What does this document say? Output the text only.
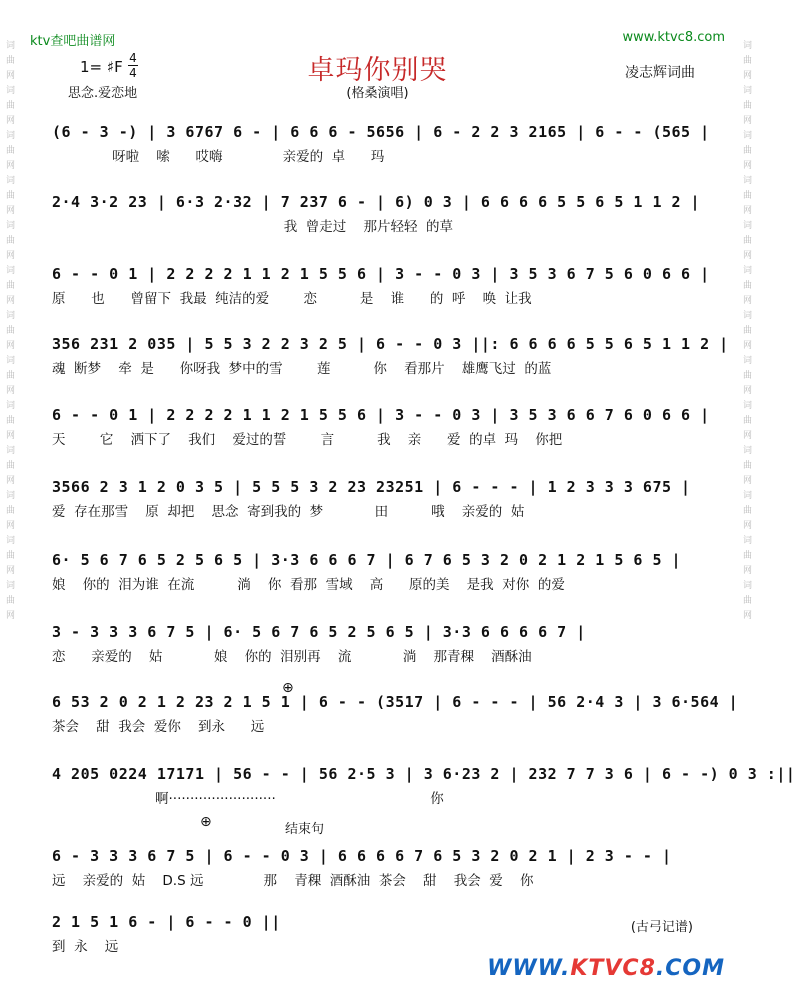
词曲网词曲网词曲网词曲网词曲网词曲网词曲网词曲网词曲网词曲网词曲网词曲网词曲网	词曲网词曲网词曲网词曲网词曲网词曲网词曲网词曲网词曲网词曲网词曲网词曲网词曲网
ktv查吧曲谱网	www.ktvc8.com
卓玛你别哭
(格桑演唱)
1= ♯F 4
4	凌志辉词曲
思念.爱恋地
(6 - 3 -) | 3 6767 6 - | 6 6 6 - 5656 | 6 - 2 2 3 2165 | 6 - - (565 |
呀啦    嗦      哎嗨              亲爱的  卓      玛
2·4 3·2 23 | 6·3 2·32 | 7 237 6 - | 6) 0 3 | 6 6 6 6 5 5 6 5 1 1 2 |
我  曾走过    那片轻轻  的草
6 - - 0 1 | 2 2 2 2 1 1 2 1 5 5 6 | 3 - - 0 3 | 3 5 3 6 7 5 6 0 6 6 |
原      也      曾留下  我最  纯洁的爱        恋          是    谁      的  呼    唤  让我
356 231 2 035 | 5 5 3 2 2 3 2 5 | 6 - - 0 3 ||: 6 6 6 6 5 5 6 5 1 1 2 |
魂  断梦    牵  是      你呀我  梦中的雪        莲          你    看那片    雄鹰飞过  的蓝
6 - - 0 1 | 2 2 2 2 1 1 2 1 5 5 6 | 3 - - 0 3 | 3 5 3 6 6 7 6 0 6 6 |
天        它    洒下了    我们    爱过的誓        言          我    亲      爱  的卓  玛    你把
3566 2 3 1 2 0 3 5 | 5 5 5 3 2 23 23251 | 6 - - - | 1 2 3 3 3 675 |
爱  存在那雪    原  却把    思念  寄到我的  梦            田          哦    亲爱的  姑
6· 5 6 7 6 5 2 5 6 5 | 3·3 6 6 6 7 | 6 7 6 5 3 2 0 2 1 2 1 5 6 5 |
娘    你的  泪为谁  在流          淌    你  看那  雪域    高      原的美    是我  对你  的爱
3 - 3 3 3 6 7 5 | 6· 5 6 7 6 5 2 5 6 5 | 3·3 6 6 6 6 7 |
恋      亲爱的    姑            娘    你的  泪别再    流            淌    那青稞    酒酥油
6 53 2 0 2 1 2 23 2 1 5 1 | 6 - - (3517 | 6 - - - | 56 2·4 3 | 3 6·564 |
茶会    甜  我会  爱你    到永      远
4 205 0224 17171 | 56 - - | 56 2·5 3 | 3 6·23 2 | 232 7 7 3 6 | 6 - -) 0 3 :||
啊·························                                    你
6 - 3 3 3 6 7 5 | 6 - - 0 3 | 6 6 6 6 7 6 5 3 2 0 2 1 | 2 3 - - |
远    亲爱的  姑    D.S 远              那    青稞  酒酥油  茶会    甜    我会  爱    你
2 1 5 1 6 - | 6 - - 0 ||
到  永    远
⊕
⊕	结束句
(古弓记谱)
WWW.KTVC8.COM
